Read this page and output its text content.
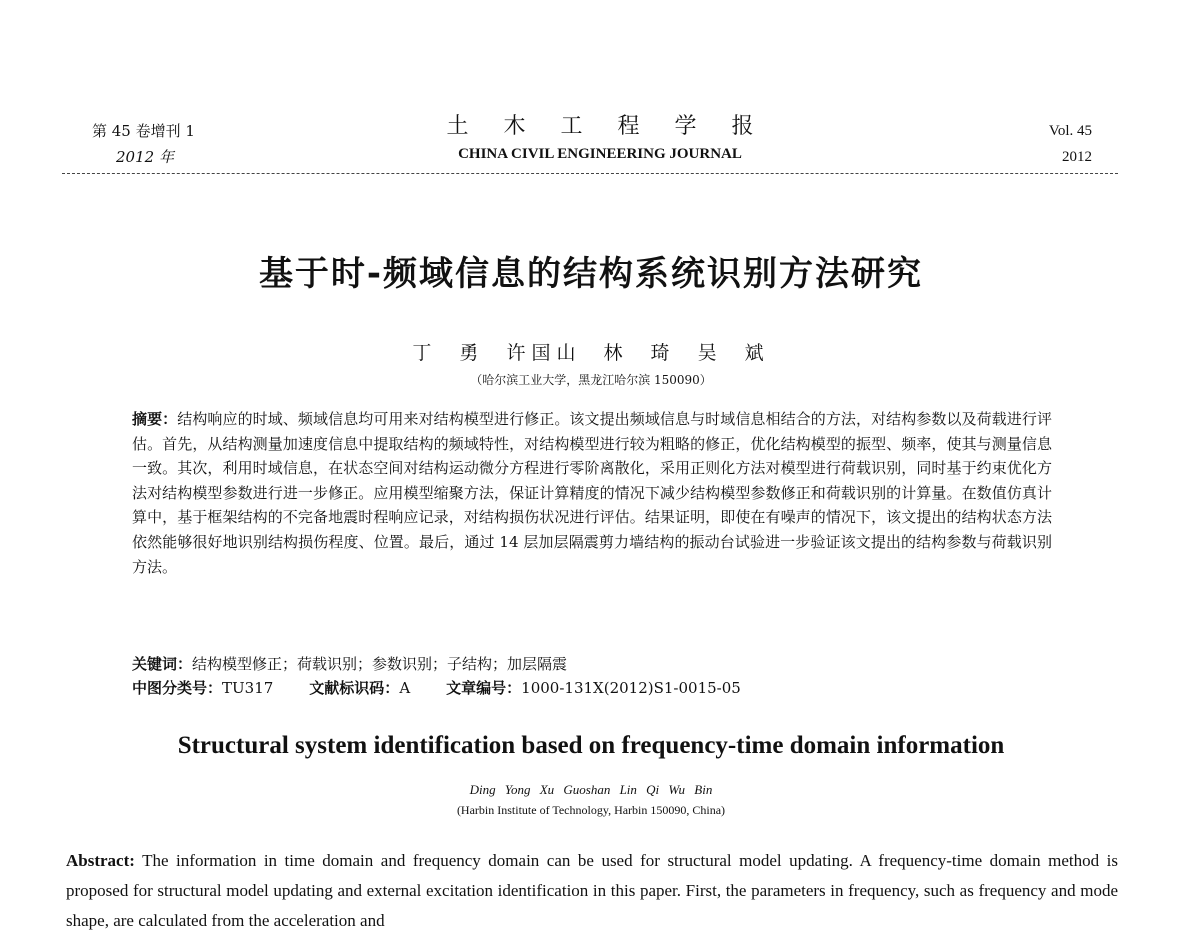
第 45 卷增刊 1
2012 年
土 木 工 程 学 报
CHINA CIVIL ENGINEERING JOURNAL
Vol. 45
2012
基于时-频域信息的结构系统识别方法研究
丁 勇 许国山 林 琦 吴 斌
（哈尔滨工业大学，黑龙江哈尔滨 150090）
摘要：结构响应的时域、频域信息均可用来对结构模型进行修正。该文提出频域信息与时域信息相结合的方法，对结构参数以及荷载进行评估。首先，从结构测量加速度信息中提取结构的频域特性，对结构模型进行较为粗略的修正，优化结构模型的振型、频率，使其与测量信息一致。其次，利用时域信息，在状态空间对结构运动微分方程进行零阶离散化，采用正则化方法对模型进行荷载识别，同时基于约束优化方法对结构模型参数进行进一步修正。应用模型缩聚方法，保证计算精度的情况下减少结构模型参数修正和荷载识别的计算量。在数值仿真计算中，基于框架结构的不完备地震时程响应记录，对结构损伤状况进行评估。结果证明，即使在有噪声的情况下，该文提出的结构状态方法依然能够很好地识别结构损伤程度、位置。最后，通过 14 层加层隔震剪力墙结构的振动台试验进一步验证该文提出的结构参数与荷载识别方法。
关键词：结构模型修正；荷载识别；参数识别；子结构；加层隔震
中图分类号：TU317 文献标识码：A 文章编号：1000-131X(2012)S1-0015-05
Structural system identification based on frequency-time domain information
Ding Yong Xu Guoshan Lin Qi Wu Bin
(Harbin Institute of Technology, Harbin 150090, China)
Abstract: The information in time domain and frequency domain can be used for structural model updating. A frequency-time domain method is proposed for structural model updating and external excitation identification in this paper. First, the parameters in frequency, such as frequency and mode shape, are calculated from the acceleration and
